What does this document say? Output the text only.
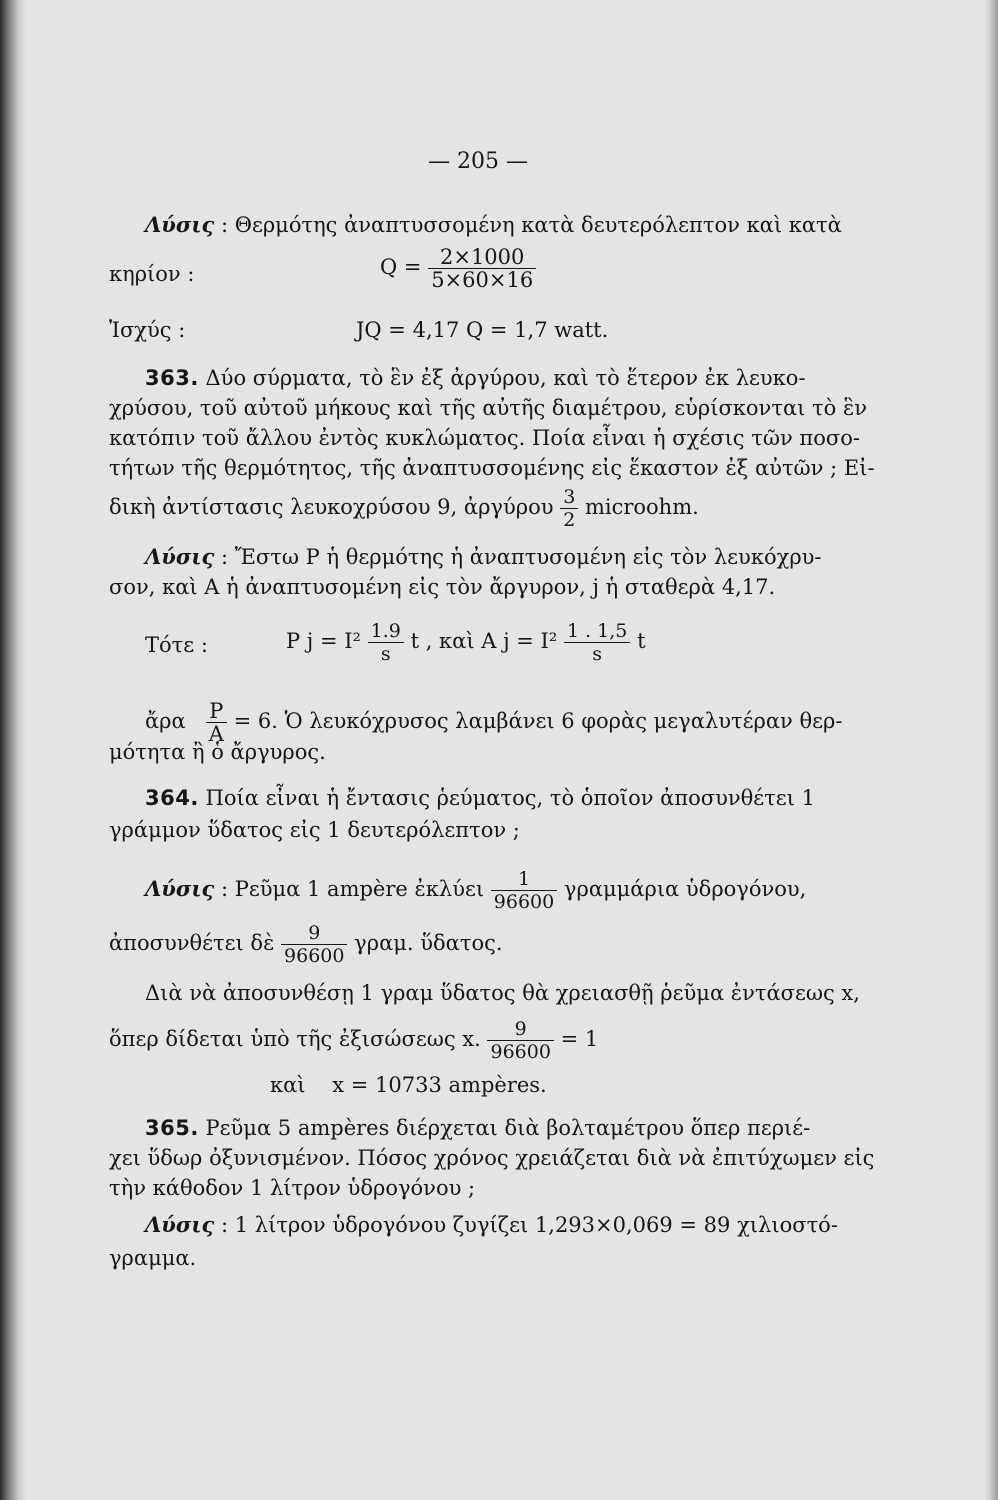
— 205 —
Λύσις : Θερμότης ἀναπτυσσομένη κατὰ δευτερόλεπτον καὶ κατὰ
κηρίον :	$Q = \frac{2\times 1000}{5\times 60\times 16}$
Ἰσχύς :	JQ = 4,17 Q = 1,7 watt.
363. Δύο σύρματα, τὸ ἓν ἐξ ἀργύρου, καὶ τὸ ἕτερον ἐκ λευκο-
χρύσου, τοῦ αὐτοῦ μήκους καὶ τῆς αὐτῆς διαμέτρου, εὑρίσκονται τὸ ἓν
κατόπιν τοῦ ἄλλου ἐντὸς κυκλώματος. Ποία εἶναι ἡ σχέσις τῶν ποσο-
τήτων τῆς θερμότητος, τῆς ἀναπτυσσομένης εἰς ἕκαστον ἐξ αὐτῶν ; Εἰ-
δικὴ ἀντίστασις λευκοχρύσου 9, ἀργύρου $\frac{3}{2}$ microohm.
Λύσις : Ἔστω P ἡ θερμότης ἡ ἀναπτυσομένη εἰς τὸν λευκόχρυ-
σον, καὶ A ἡ ἀναπτυσομένη εἰς τὸν ἄργυρον, j ἡ σταθερὰ 4,17.
Τότε :	P $j = I^2 \frac{1.9}{s}$ t , καὶ A $j = I^2 \frac{1 . 1,5}{s}$ t
ἄρα $\frac{P}{A} = 6$. Ὁ λευκόχρυσος λαμβάνει 6 φορὰς μεγαλυτέραν θερ-
μότητα ἢ ὁ ἄργυρος.
364. Ποία εἶναι ἡ ἔντασις ῥεύματος, τὸ ὁποῖον ἀποσυνθέτει 1
γράμμον ὕδατος εἰς 1 δευτερόλεπτον ;
Λύσις : Ρεῦμα 1 ampère ἐκλύει $\frac{1}{96600}$ γραμμάρια ὑδρογόνου,
ἀποσυνθέτει δὲ $\frac{9}{96600} \gamma\rho\alpha\mu$. ὕδατος.
Διὰ νὰ ἀποσυνθέσῃ 1 γραμ ὕδατος θὰ χρειασθῇ ῥεῦμα ἐντάσεως x,
ὅπερ δίδεται ὑπὸ τῆς ἐξισώσεως x. $\frac{9}{96600} = 1$
καὶ    x = 10733 ampères.
365. Ρεῦμα 5 ampères διέρχεται διὰ βολταμέτρου ὅπερ περιέ-
χει ὕδωρ ὀξυνισμένον. Πόσος χρόνος χρειάζεται διὰ νὰ ἐπιτύχωμεν εἰς
τὴν κάθοδον 1 λίτρον ὑδρογόνου ;
Λύσις : 1 λίτρον ὑδρογόνου ζυγίζει 1,293×0,069 = 89 χιλιοστό-
γραμμα.
